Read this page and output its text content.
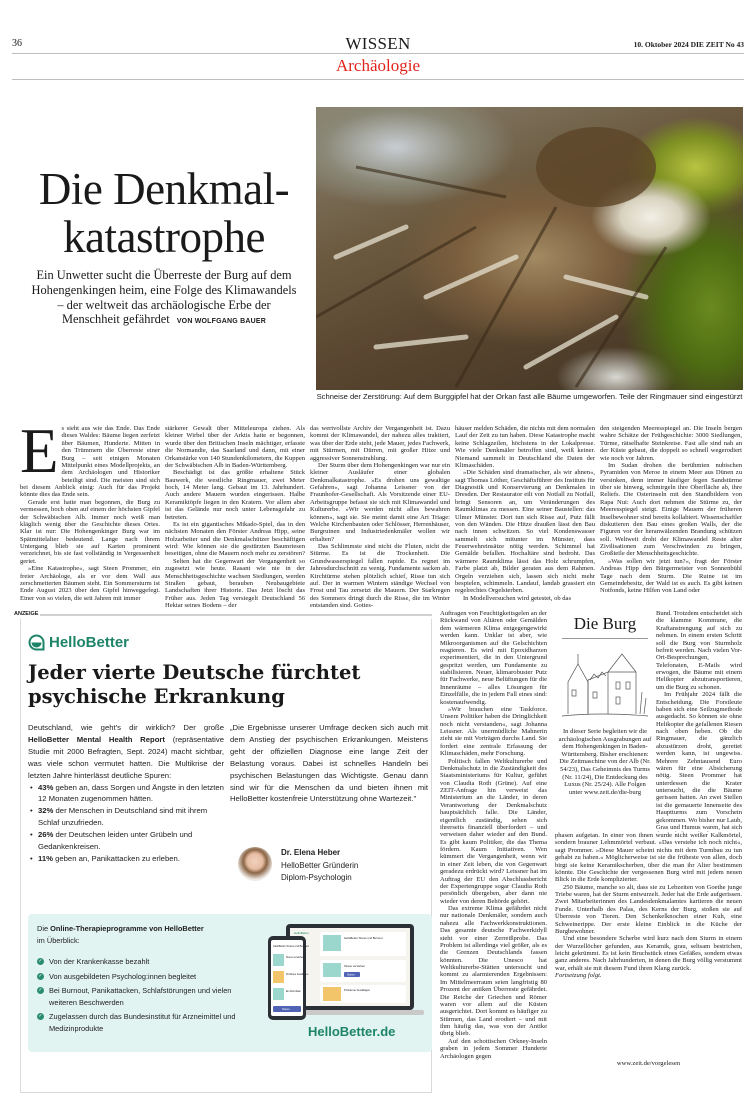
36	WISSEN	10. Oktober 2024 DIE ZEIT No 43
Archäologie
Die Denkmal-katastrophe
Ein Unwetter sucht die Überreste der Burg auf dem Hohengenkingen heim, eine Folge des Klimawandels – der weltweit das archäologische Erbe der Menschheit gefährdet VON WOLFGANG BAUER
Schneise der Zerstörung: Auf dem Burggipfel hat der Orkan fast alle Bäume umgeworfen. Teile der Ringmauer sind eingestürzt
E s sieht aus wie das Ende. Das Ende dieses Waldes: Bäume liegen zerfetzt über Bäumen, Hunderte. Mitten in den Trümmern die Überreste einer Burg – seit einigen Monaten Mittelpunkt eines Modellprojekts, an dem Archäologen und Historiker beteiligt sind. Die meisten sind sich bei diesem Anblick einig: Auch für das Projekt könnte dies das Ende sein.

Gerade erst hatte man begonnen, die Burg zu vermessen, hoch oben auf einem der höchsten Gipfel der Schwäbischen Alb. Immer noch weiß man kläglich wenig über die Geschichte dieses Ortes. Klar ist nur: Die Hohengenkinger Burg war im Spätmittelalter bedeutend. Lange nach ihrem Untergang blieb sie auf Karten prominent verzeichnet, bis sie fast vollständig in Vergessenheit geriet.

»Eine Katastrophe«, sagt Steen Prommer, ein freier Archäologe, als er vor dem Wall aus zerschmetterten Bäumen steht. Ein Sommersturm ist Ende August 2023 über den Gipfel hinweggefegt. Einer von so vielen, die seit Jahren mit immer

stärkerer Gewalt über Mitteleuropa ziehen. Als kleiner Wirbel über der Arktis hatte er begonnen, wurde über den Britischen Inseln mächtiger, erfasste die Normandie, das Saarland und dann, mit einer Orkanstärke von 140 Stundenkilometern, die Kuppen der Schwäbischen Alb in Baden-Württemberg.

Beschädigt ist das größte erhaltene Stück Bauwerk, die westliche Ringmauer, zwei Meter hoch, 14 Meter lang. Gebaut im 13. Jahrhundert. Auch andere Mauern wurden eingerissen. Halbe Keramiktöpfe liegen in den Kratern. Vor allem aber ist das Gelände nur noch unter Lebensgefahr zu betreten.

Es ist ein gigantisches Mikado-Spiel, das in den nächsten Monaten den Förster Andreas Hipp, seine Holzarbeiter und die Denkmalschützer beschäftigen wird: Wie können sie die gestürzten Baumriesen beseitigen, ohne die Mauern noch mehr zu zerstören?

Selten hat die Gegenwart der Vergangenheit so zugesetzt wie heute. Rasant wie nie in der Menschheitsgeschichte wachsen Siedlungen, werden Straßen gebaut, berauben Neubaugebiete Landschaften ihrer Historie. Das Jetzt löscht das Früher aus. Jeden Tag versiegelt Deutschland 56 Hektar seines Bodens – der

das wertvollste Archiv der Vergangenheit ist. Dazu kommt der Klimawandel, der nahezu alles traktiert, was über der Erde steht, jede Mauer, jedes Fachwerk, mit Stürmen, mit Dürren, mit großer Hitze und aggressiver Sonnenstrahlung.

Der Sturm über dem Hohengenkingen war nur ein kleiner Ausläufer einer globalen Denkmalkatastrophe. »Es drohen uns gewaltige Gefahren«, sagt Johanna Leissner von der Fraunhofer-Gesellschaft. Als Vorsitzende einer EU-Arbeitsgruppe befasst sie sich mit Klimawandel und Kulturerbe. »Wir werden nicht alles bewahren können«, sagt sie. Sie meint damit eine Art Triage: Welche Kirchenbauten oder Schlösser, Herrenhäuser, Burgruinen und Industriedenkmäler wollen wir erhalten?

Das Schlimmste sind nicht die Fluten, nicht die Stürme. Es ist die Trockenheit. Die Grundwasserspiegel fallen rapide. Es regnet im Jahresdurchschnitt zu wenig. Fundamente sacken ab. Kirchtürme stehen plötzlich schief, Risse tun sich auf. Der in warmen Wintern ständige Wechsel von Frost und Tau zersetzt die Mauern. Der Starkregen des Sommers dringt durch die Risse, die im Winter entstanden sind. Gottes-

häuser melden Schäden, die nichts mit dem normalen Lauf der Zeit zu tun haben. Diese Katastrophe macht keine Schlagzeilen, höchstens in der Lokalpresse. Wie viele Denkmäler betroffen sind, weiß keiner. Niemand sammelt in Deutschland die Daten der Klimaschäden.

»Die Schäden sind dramatischer, als wir ahnen«, sagt Thomas Löther, Geschäftsführer des Instituts für Diagnostik und Konservierung an Denkmalen in Dresden. Der Restaurator eilt von Notfall zu Notfall, bringt Sensoren an, um Veränderungen des Raumklimas zu messen. Eine seiner Baustellen: das Ulmer Münster. Dort tun sich Risse auf, Putz fällt von den Wänden. Die Hitze draußen lässt den Bau nach innen schwitzen. So viel Kondenswasser sammelt sich mitunter im Münster, dass Feuerwehreinsätze nötig werden. Schimmel hat Gemälde befallen. Hochaltäre sind bedroht. Das wärmere Raumklima lässt das Holz schrumpfen, Farbe platzt ab, Bilder geraten aus dem Rahmen. Orgeln verziehen sich, lassen sich nicht mehr bespielen, schimmeln. Landauf, landab grassiert ein regelrechtes Orgelsterben.

In Modellversuchen wird getestet, ob das

den steigenden Meeresspiegel an. Die Inseln bergen wahre Schätze der Frühgeschichte: 3000 Siedlungen, Türme, rätselhafte Steinkreise. Fast alle sind nah an der Küste gebaut, die doppelt so schnell wegerodiert wie noch vor Jahren.

Im Sudan drohen die berühmten nubischen Pyramiden von Meroe in einem Meer aus Dünen zu versinken, denn immer häufiger fegen Sandstürme über sie hinweg, schmirgeln ihre Oberfläche ab, ihre Reliefs. Die Osterinseln mit den Standbildern von Rapa Nui: Auch dort nehmen die Stürme zu, der Meeresspiegel steigt. Einige Mauern der früheren Inselbewohner sind bereits kollabiert. Wissenschaftler diskutieren den Bau eines großen Walls, der die Figuren vor der heranwälzenden Brandung schützen soll. Weltweit droht der Klimawandel Reste alter Zivilisationen zum Verschwinden zu bringen, Großteile der Menschheitsgeschichte.

»Was sollen wir jetzt tun?«, fragt der Förster Andreas Hipp den Bürgermeister von Sonnenbühl Tage nach dem Sturm. Die Ruine ist im Gemeindebesitz, der Wald ist es auch. Es gibt keinen Notfonds, keine Hilfen von Land oder

Auftragen von Feuchtigkeitsgelen an der Rückwand von Altären oder Gemälden dem wärmeren Klima entgegengewirkt werden kann. Unklar ist aber, wie Mikroorganismen auf die Gelschichten reagieren. Es wird mit Epoxidharzen experimentiert, die in den Untergrund gespritzt werden, um Fundamente zu stabilisieren. Neuer, klimarobuster Putz für Fachwerke, neue Belüftungen für die Innenräume – alles Lösungen für Einzelfälle, die in jedem Fall eines sind: kostenaufwendig.

»Wir brauchen eine Taskforce. Unsere Politiker haben die Dringlichkeit noch nicht verstanden«, sagt Johanna Leissner. Als unermüdliche Mahnerin zieht sie mit Vorträgen durchs Land. Sie fordert eine zentrale Erfassung der Klimaschäden, mehr Forschung.

Politisch fallen Weltkulturerbe und Denkmalschutz in die Zuständigkeit des Staatsministeriums für Kultur, geführt von Claudia Roth (Grüne). Auf eine ZEIT-Anfrage hin verweist das Ministerium an die Länder, in deren Verantwortung der Denkmalschutz hauptsächlich falle. Die Länder, eigentlich zuständig, sehen sich ihrerseits finanziell überfordert – und verweisen daher wieder auf den Bund. Es gibt kaum Politiker, die das Thema fördern. Kaum Initiativen. Wen kümmert die Vergangenheit, wenn wir in einer Zeit leben, die von Gegenwart geradezu erdrückt wird? Leissner hat im Auftrag der EU den Abschlussbericht der Expertengruppe sogar Claudia Roth persönlich übergeben, aber dann nie wieder von deren Behörde gehört.

Das extreme Klima gefährdet nicht nur nationale Denkmäler, sondern auch nahezu alle Fachwerkkonstruktionen. Das gesamte deutsche Fachwerkidyll steht vor einer Zerreißprobe. Das Problem ist allerdings viel größer, als es die Grenzen Deutschlands fassen könnten. Die Unesco hat Weltkulturerbe-Stätten untersucht und kommt zu alarmierenden Ergebnissen: Im Mittelmeerraum seien langfristig 80 Prozent der antiken Überreste gefährdet. Die Reiche der Griechen und Römer waren vor allem auf die Küsten ausgerichtet. Dort kommt es häufiger zu Stürmen, das Land erodiert – und mit ihm häufig das, was von der Antike übrig blieb.

Auf den schottischen Orkney-Inseln graben in jedem Sommer Hunderte Archäologen gegen

Bund. Trotzdem entscheidet sich die klamme Kommune, die Kraftanstrengung auf sich zu nehmen. In einem ersten Schritt soll die Burg von Sturmholz befreit werden. Nach vielen Vor-Ort-Besprechungen, Telefonaten, E-Mails wird erwogen, die Bäume mit einem Helikopter abzutransportieren, um die Burg zu schonen.

Im Frühjahr 2024 fällt die Entscheidung. Die Forstleute haben sich eine Seilzugmethode ausgedacht. So können sie ohne Helikopter die gefallenen Riesen nach oben heben. Ob die Ringmauer, die gänzlich abzustürzen droht, gerettet werden kann, ist ungewiss. Mehrere Zehntausend Euro wären für eine Absicherung nötig. Steen Prommer hat unterdessen die Krater untersucht, die die Bäume gerissen hatten. An zwei Stellen ist die gemauerte Innenseite des Hauptturms zum Vorschein gekommen. Wo bisher nur Laub, Gras und Humus waren, hat sich

phasen aufgetan. In einer von ihnen wurde nicht weißer Kalkmörtel, sondern brauner Lehmmörtel verbaut. »Das verstehe ich noch nicht«, sagt Prommer. »Diese Mauer scheint nichts mit dem Turmbau zu tun gehabt zu haben.« Möglicherweise ist sie die früheste von allen, doch birgt sie keine Keramikscherben, über die man ihr Alter bestimmen könnte. Die Geschichte der vergessenen Burg wird mit jedem neuen Blick in die Erde komplizierter.

250 Bäume, manche so alt, dass sie zu Lebzeiten von Goethe junge Triebe waren, hat der Sturm entwurzelt. Jeder hat die Erde aufgerissen. Zwei Mitarbeiterinnen des Landesdenkmalamtes kartieren die neuen Funde. Unterhalb des Palas, des Kerns der Burg, stoßen sie auf Überreste von Tieren. Den Schenkelknochen einer Kuh, eine Schweinerippe. Der erste kleine Einblick in die Küche der Burgbewohner.

Und eine besondere Scherbe wird kurz nach dem Sturm in einem der Wurzellöcher gefunden, aus Keramik, grau, seltsam bestrichen, leicht gekrümmt. Es ist kein Bruchstück eines Gefäßes, sondern etwas ganz anderes. Nach Jahrhunderten, in denen die Burg völlig verstummt war, erhält sie mit diesem Fund ihren Klang zurück.

Fortsetzung folgt.

Die Burg

In dieser Serie begleiten wir die archäologischen Ausgrabungen auf dem Hohengenkingen in Baden-Württemberg. Bisher erschienen: Die Zeitmaschine von der Alb (Nr. 54/23), Das Geheimnis des Turms (Nr. 11/24), Die Entdeckung des Luxus (Nr. 25/24). Alle Folgen unter www.zeit.de/die-burg

www.zeit.de/vorgelesen
ANZEIGE
HelloBetter
Jeder vierte Deutsche fürchtet psychische Erkrankung

Deutschland, wie geht's dir wirklich? Der große HelloBetter Mental Health Report (repräsentative Studie mit 2000 Befragten, Sept. 2024) macht sichtbar, was viele schon vermutet hatten. Die Multikrise der letzten Jahre hinterlässt deutliche Spuren:

• 43% geben an, dass Sorgen und Ängste in den letzten 12 Monaten zugenommen hätten.
• 32% der Menschen in Deutschland sind mit ihrem Schlaf unzufrieden.
• 26% der Deutschen leiden unter Grübeln und Gedankenkreisen.
• 11% geben an, Panikattacken zu erleben.
„Die Ergebnisse unserer Umfrage decken sich auch mit dem Anstieg der psychischen Erkrankungen. Meistens geht der offiziellen Diagnose eine lange Zeit der Belastung voraus. Dabei ist schnelles Handeln bei psychischen Belastungen das Wichtigste. Genau dann sind wir für die Menschen da und bieten ihnen mit HelloBetter kostenfreie Unterstützung ohne Wartezeit."
Dr. Elena Heber
HelloBetter Gründerin
Diplom-Psychologin
Die Online-Therapieprogramme von HelloBetter
im Überblick:
✓ Von der Krankenkasse bezahlt
✓ Von ausgebildeten Psycholog:innen begleitet
✓ Bei Burnout, Panikattacken, Schlafstörungen und vielen weiteren Beschwerden
✓ Zugelassen durch das Bundesinstitut für Arzneimittel und Medizinprodukte
HelloBetter
HelloBetter Stress und Burnout
Stress verstehen
Starten
Probleme bewältigen
HelloBetter Stress und Burnout
Stress verstehen
Probleme bewältigen
Ein Ziel bilden
Starten
HelloBetter.de
